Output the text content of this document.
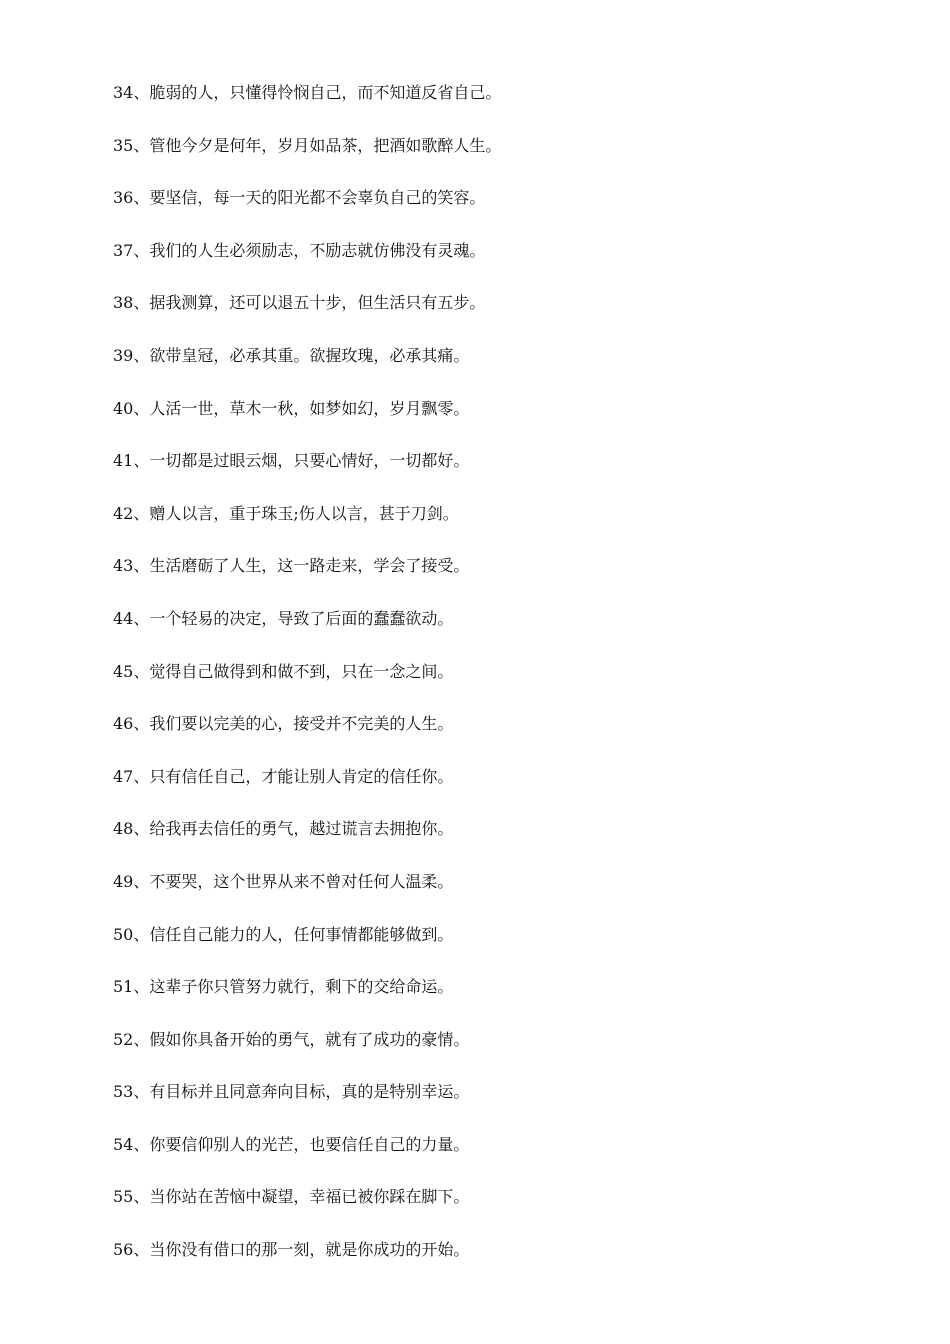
34、脆弱的人，只懂得怜悯自己，而不知道反省自己。
35、管他今夕是何年，岁月如品茶，把酒如歌醉人生。
36、要坚信，每一天的阳光都不会辜负自己的笑容。
37、我们的人生必须励志，不励志就仿佛没有灵魂。
38、据我测算，还可以退五十步，但生活只有五步。
39、欲带皇冠，必承其重。欲握玫瑰，必承其痛。
40、人活一世，草木一秋，如梦如幻，岁月飘零。
41、一切都是过眼云烟，只要心情好，一切都好。
42、赠人以言，重于珠玉;伤人以言，甚于刀剑。
43、生活磨砺了人生，这一路走来，学会了接受。
44、一个轻易的决定，导致了后面的蠢蠢欲动。
45、觉得自己做得到和做不到，只在一念之间。
46、我们要以完美的心，接受并不完美的人生。
47、只有信任自己，才能让别人肯定的信任你。
48、给我再去信任的勇气，越过谎言去拥抱你。
49、不要哭，这个世界从来不曾对任何人温柔。
50、信任自己能力的人，任何事情都能够做到。
51、这辈子你只管努力就行，剩下的交给命运。
52、假如你具备开始的勇气，就有了成功的豪情。
53、有目标并且同意奔向目标，真的是特别幸运。
54、你要信仰别人的光芒，也要信任自己的力量。
55、当你站在苦恼中凝望，幸福已被你踩在脚下。
56、当你没有借口的那一刻，就是你成功的开始。
